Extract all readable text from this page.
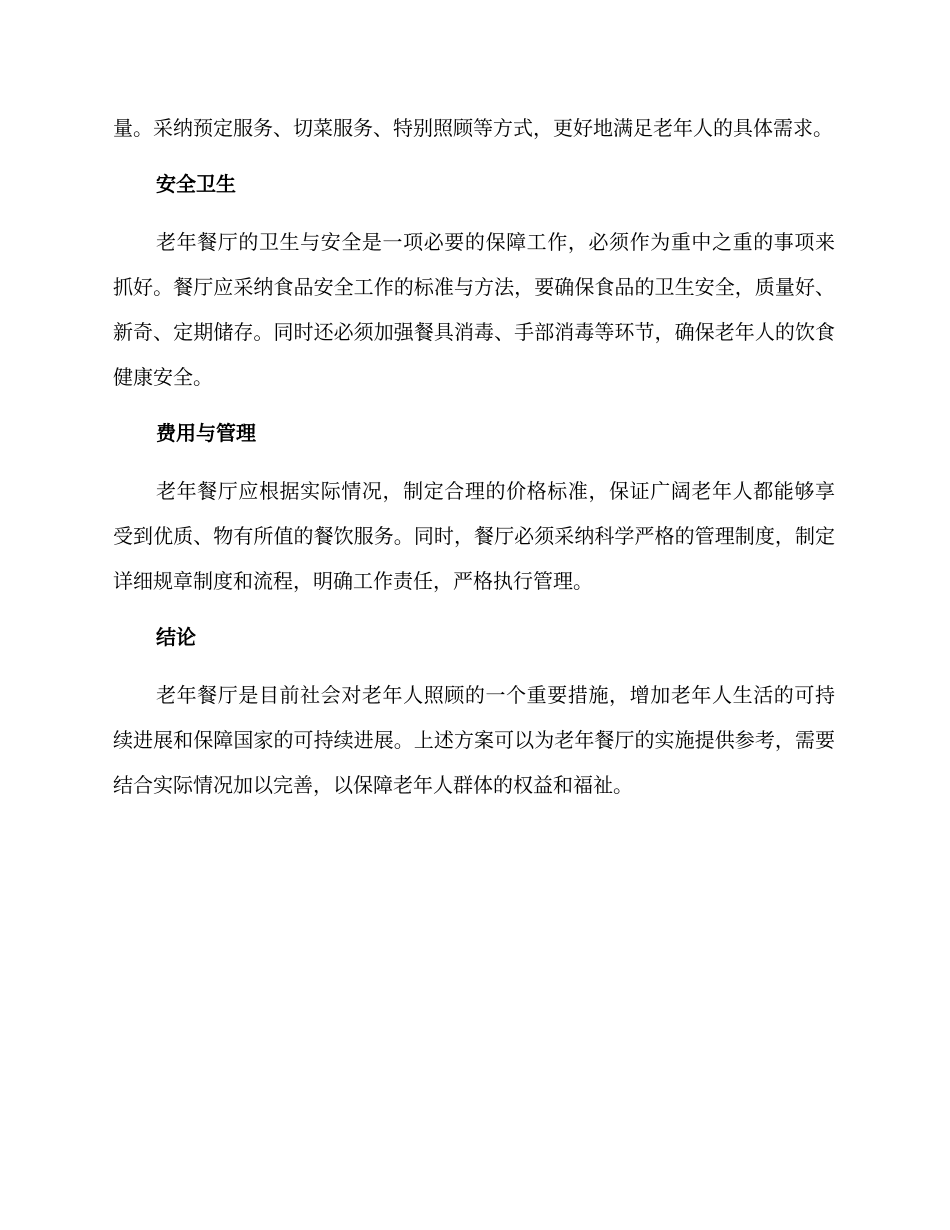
量。采纳预定服务、切菜服务、特别照顾等方式，更好地满足老年人的具体需求。

安全卫生

老年餐厅的卫生与安全是一项必要的保障工作，必须作为重中之重的事项来抓好。餐厅应采纳食品安全工作的标准与方法，要确保食品的卫生安全，质量好、新奇、定期储存。同时还必须加强餐具消毒、手部消毒等环节，确保老年人的饮食健康安全。

费用与管理

老年餐厅应根据实际情况，制定合理的价格标准，保证广阔老年人都能够享受到优质、物有所值的餐饮服务。同时，餐厅必须采纳科学严格的管理制度，制定详细规章制度和流程，明确工作责任，严格执行管理。

结论

老年餐厅是目前社会对老年人照顾的一个重要措施，增加老年人生活的可持续进展和保障国家的可持续进展。上述方案可以为老年餐厅的实施提供参考，需要结合实际情况加以完善，以保障老年人群体的权益和福祉。
